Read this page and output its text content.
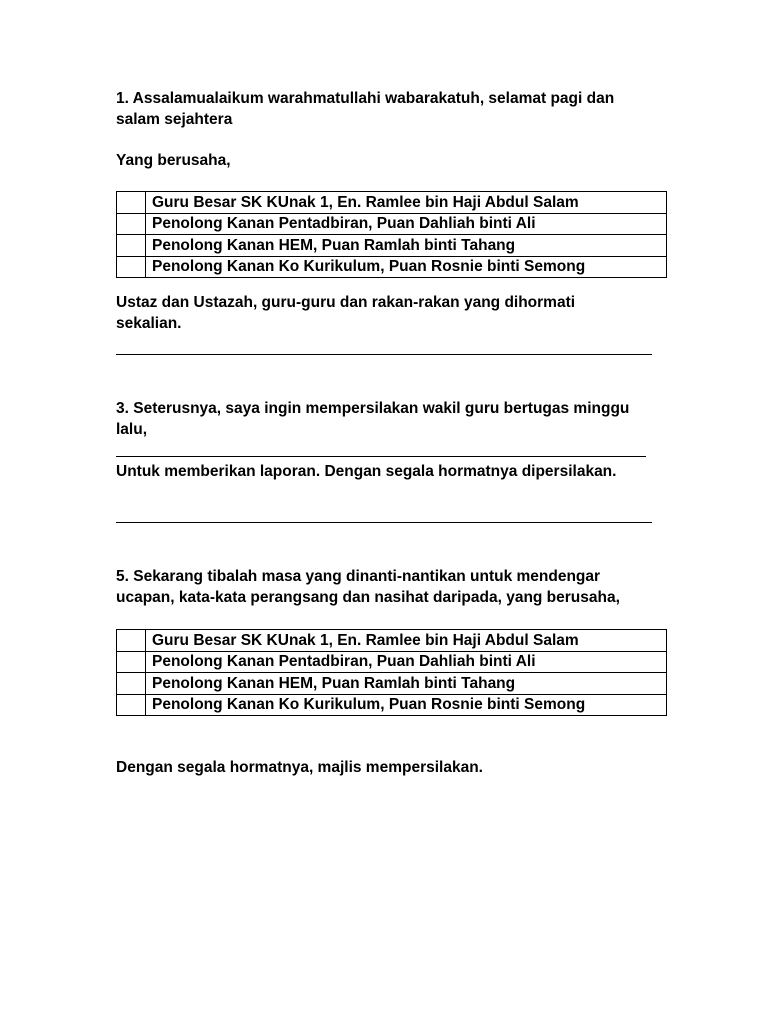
1. Assalamualaikum warahmatullahi wabarakatuh, selamat pagi dan
salam sejahtera
Yang berusaha,
	Guru Besar SK KUnak 1, En. Ramlee bin Haji Abdul Salam
	Penolong Kanan Pentadbiran, Puan Dahliah binti Ali
	Penolong Kanan HEM, Puan Ramlah binti Tahang
	Penolong Kanan Ko Kurikulum, Puan Rosnie binti Semong
Ustaz dan Ustazah, guru-guru dan rakan-rakan yang dihormati
sekalian.
3. Seterusnya, saya ingin mempersilakan wakil guru bertugas minggu
lalu,
Untuk memberikan laporan. Dengan segala hormatnya dipersilakan.
5. Sekarang tibalah masa yang dinanti-nantikan untuk mendengar
ucapan, kata-kata perangsang dan nasihat daripada, yang berusaha,
	Guru Besar SK KUnak 1, En. Ramlee bin Haji Abdul Salam
	Penolong Kanan Pentadbiran, Puan Dahliah binti Ali
	Penolong Kanan HEM, Puan Ramlah binti Tahang
	Penolong Kanan Ko Kurikulum, Puan Rosnie binti Semong
Dengan segala hormatnya, majlis mempersilakan.
